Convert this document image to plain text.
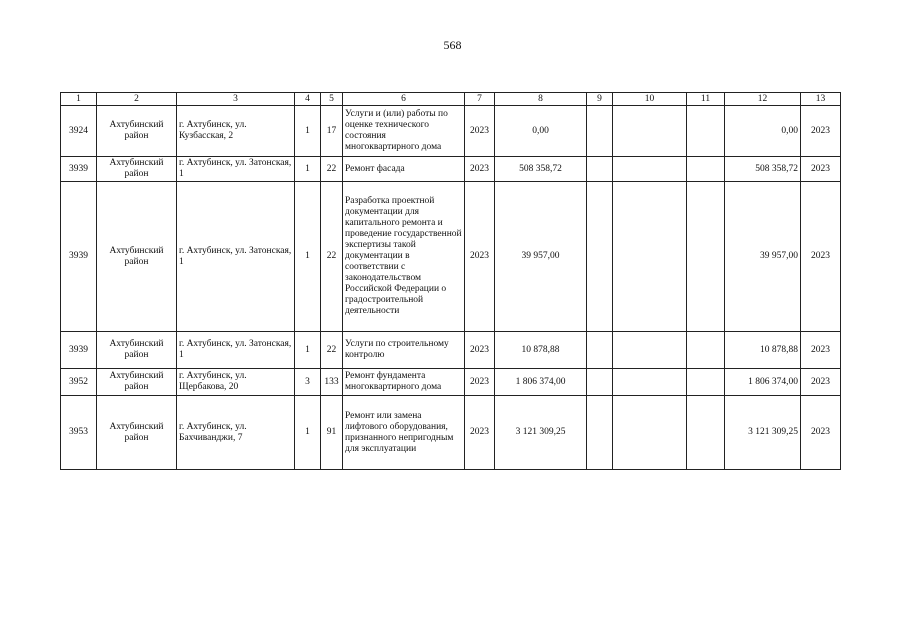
568
1	2	3	4	5	6	7	8	9	10	11	12	13
3924	Ахтубинский район	г. Ахтубинск, ул. Кузбасская, 2	1	17	Услуги и (или) работы по оценке технического состояния многоквартирного дома	2023	0,00				0,00	2023
3939	Ахтубинский район	г. Ахтубинск, ул. Затонская, 1	1	22	Ремонт фасада	2023	508 358,72				508 358,72	2023
3939	Ахтубинский район	г. Ахтубинск, ул. Затонская, 1	1	22	Разработка проектной документации для капитального ремонта и проведение государственной экспертизы такой документации в соответствии с законодательством Российской Федерации о градостроительной деятельности	2023	39 957,00				39 957,00	2023
3939	Ахтубинский район	г. Ахтубинск, ул. Затонская, 1	1	22	Услуги по строительному контролю	2023	10 878,88				10 878,88	2023
3952	Ахтубинский район	г. Ахтубинск, ул. Щербакова, 20	3	133	Ремонт фундамента многоквартирного дома	2023	1 806 374,00				1 806 374,00	2023
3953	Ахтубинский район	г. Ахтубинск, ул. Бахчиванджи, 7	1	91	Ремонт или замена лифтового оборудования, признанного непригодным для эксплуатации	2023	3 121 309,25				3 121 309,25	2023
